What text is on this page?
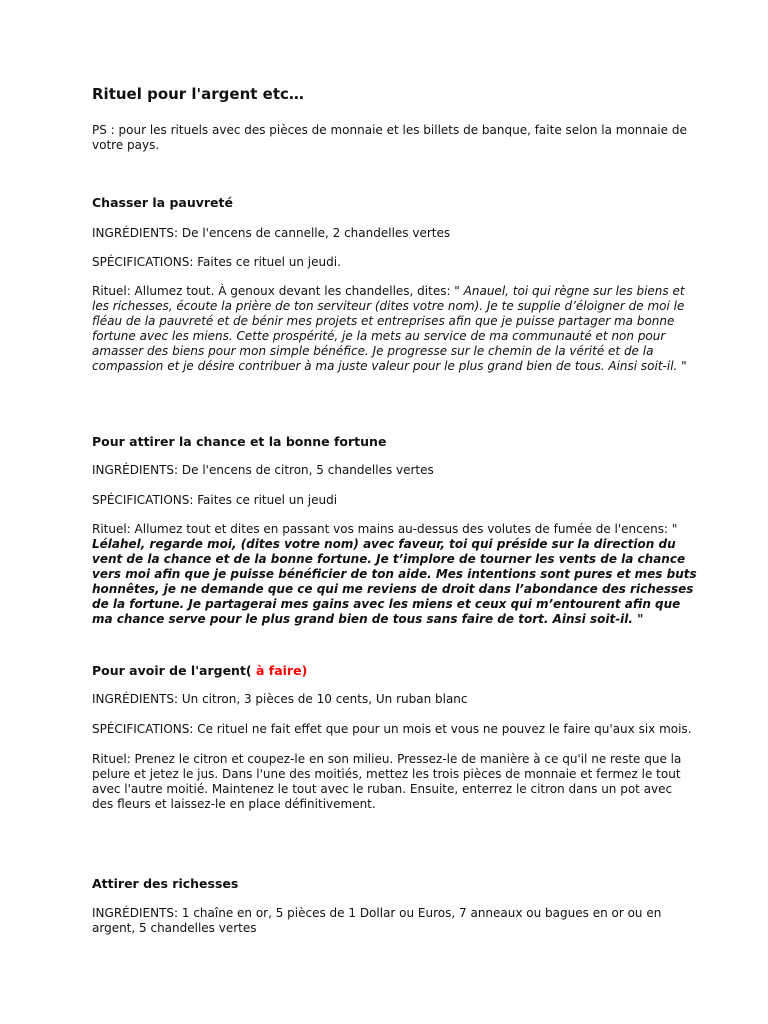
Rituel pour l'argent etc…

PS : pour les rituels avec des pièces de monnaie et les billets de banque, faite selon la monnaie de
votre pays.

Chasser la pauvreté

INGRÉDIENTS: De l'encens de cannelle, 2 chandelles vertes

SPÉCIFICATIONS: Faites ce rituel un jeudi.

Rituel: Allumez tout. À genoux devant les chandelles, dites: " Anauel, toi qui règne sur les biens et
les richesses, écoute la prière de ton serviteur (dites votre nom). Je te supplie d’éloigner de moi le
fléau de la pauvreté et de bénir mes projets et entreprises afin que je puisse partager ma bonne
fortune avec les miens. Cette prospérité, je la mets au service de ma communauté et non pour
amasser des biens pour mon simple bénéfice. Je progresse sur le chemin de la vérité et de la
compassion et je désire contribuer à ma juste valeur pour le plus grand bien de tous. Ainsi soit-il. "

Pour attirer la chance et la bonne fortune

INGRÉDIENTS: De l'encens de citron, 5 chandelles vertes

SPÉCIFICATIONS: Faites ce rituel un jeudi

Rituel: Allumez tout et dites en passant vos mains au-dessus des volutes de fumée de l'encens: "
Lélahel, regarde moi, (dites votre nom) avec faveur, toi qui préside sur la direction du
vent de la chance et de la bonne fortune. Je t’implore de tourner les vents de la chance
vers moi afin que je puisse bénéficier de ton aide. Mes intentions sont pures et mes buts
honnêtes, je ne demande que ce qui me reviens de droit dans l’abondance des richesses
de la fortune. Je partagerai mes gains avec les miens et ceux qui m’entourent afin que
ma chance serve pour le plus grand bien de tous sans faire de tort. Ainsi soit-il. "

Pour avoir de l'argent( à faire)

INGRÉDIENTS: Un citron, 3 pièces de 10 cents, Un ruban blanc

SPÉCIFICATIONS: Ce rituel ne fait effet que pour un mois et vous ne pouvez le faire qu'aux six mois.

Rituel: Prenez le citron et coupez-le en son milieu. Pressez-le de manière à ce qu'il ne reste que la
pelure et jetez le jus. Dans l'une des moitiés, mettez les trois pièces de monnaie et fermez le tout
avec l'autre moitié. Maintenez le tout avec le ruban. Ensuite, enterrez le citron dans un pot avec
des fleurs et laissez-le en place définitivement.

Attirer des richesses

INGRÉDIENTS: 1 chaîne en or, 5 pièces de 1 Dollar ou Euros, 7 anneaux ou bagues en or ou en
argent, 5 chandelles vertes
